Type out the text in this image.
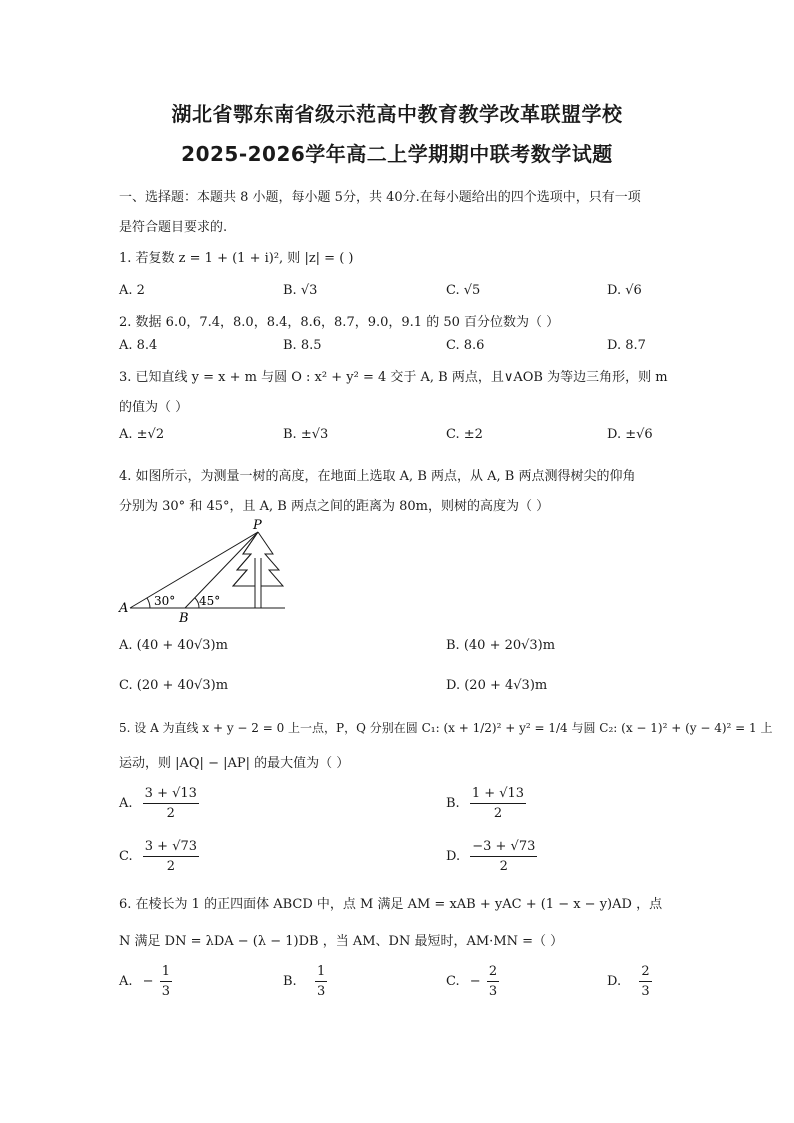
湖北省鄂东南省级示范高中教育教学改革联盟学校
2025-2026学年高二上学期期中联考数学试题
一、选择题：本题共 8 小题，每小题 5分，共 40分.在每小题给出的四个选项中，只有一项
是符合题目要求的.
1. 若复数 z = 1 + (1 + i)², 则 |z| = ( )
A. 2	B. √3	C. √5	D. √6
2. 数据 6.0，7.4，8.0，8.4，8.6，8.7，9.0，9.1 的 50 百分位数为（ ）
A. 8.4	B. 8.5	C. 8.6	D. 8.7
3. 已知直线 y = x + m 与圆 O : x² + y² = 4 交于 A, B 两点，且∨AOB 为等边三角形，则 m
的值为（ ）
A. ±√2	B. ±√3	C. ±2	D. ±√6
4. 如图所示，为测量一树的高度，在地面上选取 A, B 两点，从 A, B 两点测得树尖的仰角
分别为 30° 和 45°，且 A, B 两点之间的距离为 80m，则树的高度为（ ）
P
A
B
30° 45°
A. (40 + 40√3)m	B. (40 + 20√3)m
C. (20 + 40√3)m	D. (20 + 4√3)m
5. 设 A 为直线 x + y − 2 = 0 上一点，P，Q 分别在圆 C₁: (x + 1/2)² + y² = 1/4 与圆 C₂: (x − 1)² + (y − 4)² = 1 上
运动，则 |AQ| − |AP| 的最大值为（ ）
A. $\frac{3 + √13}{2}$	B. $\frac{1 + √13}{2}$
C. $\frac{3 + √73}{2}$	D. $\frac{-3 + √73}{2}$
6. 在棱长为 1 的正四面体 ABCD 中，点 M 满足 AM = xAB + yAC + (1 − x − y)AD ，点
N 满足 DN = λDA − (λ − 1)DB ，当 AM、DN 最短时，AM·MN =（ ）
A. − $\frac{1}{3}$	B. $\frac{1}{3}$	C. − $\frac{2}{3}$	D. $\frac{2}{3}$
